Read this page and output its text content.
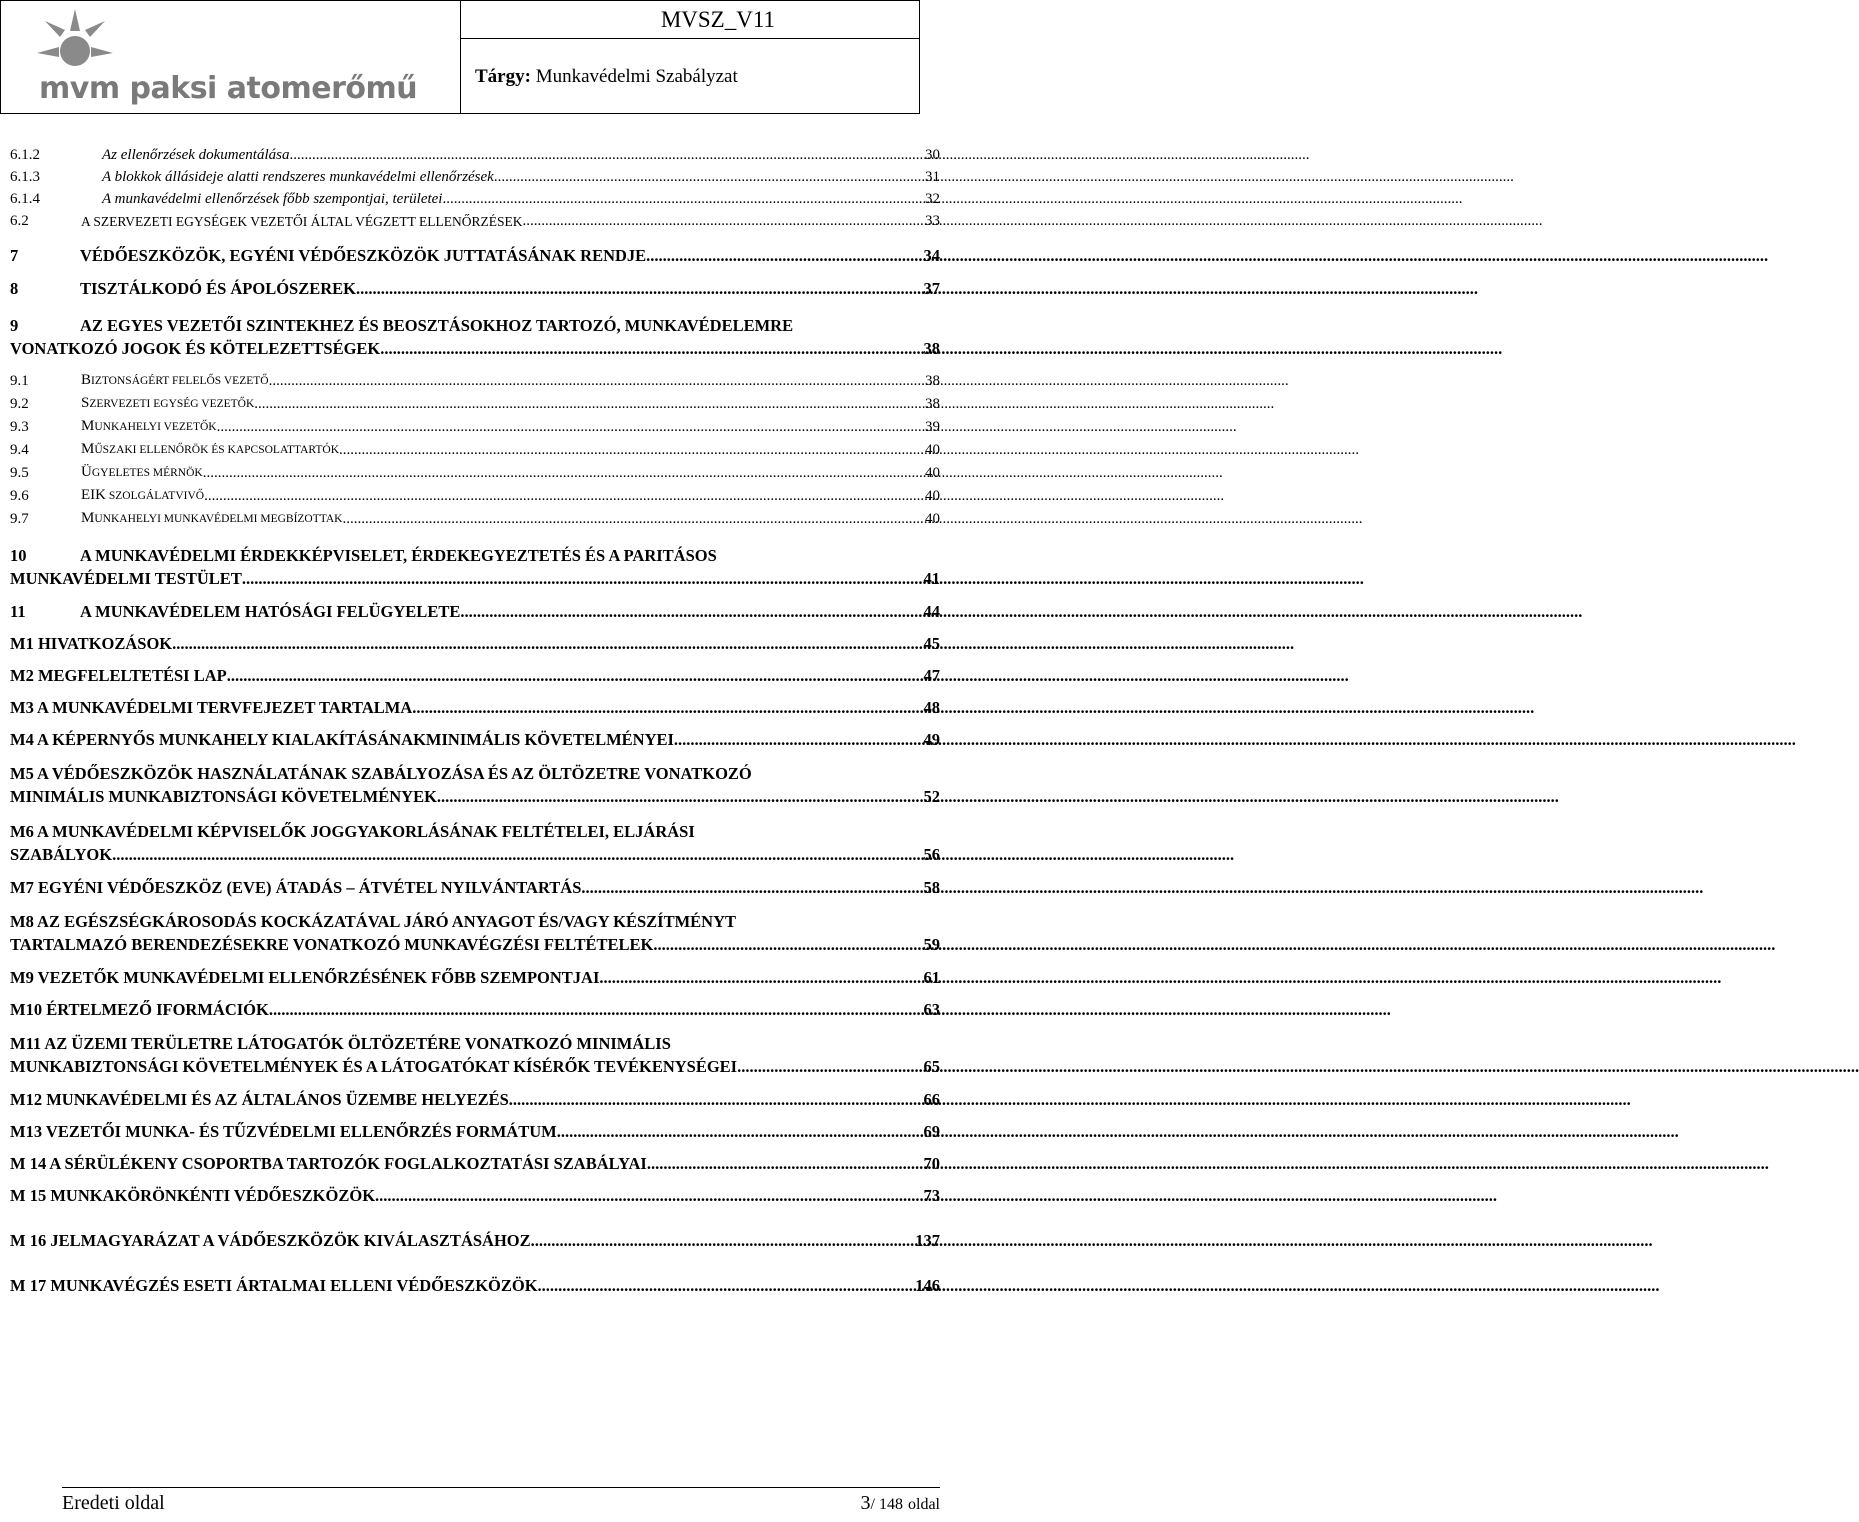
mvm paksi atomerőmű
MVSZ_V11
Tárgy: Munkavédelmi Szabályzat
6.1.2	Az ellenőrzések dokumentálása .....	30
6.1.3	A blokkok állásideje alatti rendszeres munkavédelmi ellenőrzések .....	31
6.1.4	A munkavédelmi ellenőrzések főbb szempontjai, területei .....	32
6.2	A SZERVEZETI EGYSÉGEK VEZETŐI ÁLTAL VÉGZETT ELLENŐRZÉSEK .....	33
7	VÉDŐESZKÖZÖK, EGYÉNI VÉDŐESZKÖZÖK JUTTATÁSÁNAK RENDJE .....	34
8	TISZTÁLKODÓ ÉS ÁPOLÓSZEREK .....	37
9	AZ EGYES VEZETŐI SZINTEKHEZ ÉS BEOSZTÁSOKHOZ TARTOZÓ, MUNKAVÉDELEMRE
VONATKOZÓ JOGOK ÉS KÖTELEZETTSÉGEK .....	38
9.1	BIZTONSÁGÉRT FELELŐS VEZETŐ .....	38
9.2	SZERVEZETI EGYSÉG VEZETŐK .....	38
9.3	MUNKAHELYI VEZETŐK .....	39
9.4	MŰSZAKI ELLENŐRÖK ÉS KAPCSOLATTARTÓK .....	40
9.5	ÜGYELETES MÉRNÖK .....	40
9.6	EIK SZOLGÁLATVIVŐ .....	40
9.7	MUNKAHELYI MUNKAVÉDELMI MEGBÍZOTTAK .....	40
10	A MUNKAVÉDELMI ÉRDEKKÉPVISELET, ÉRDEKEGYEZTETÉS ÉS A PARITÁSOS
MUNKAVÉDELMI TESTÜLET .....	41
11	A MUNKAVÉDELEM HATÓSÁGI FELÜGYELETE .....	44
M1 HIVATKOZÁSOK .....	45
M2 MEGFELELTETÉSI LAP .....	47
M3 A MUNKAVÉDELMI TERVFEJEZET TARTALMA .....	48
M4 A KÉPERNYŐS MUNKAHELY KIALAKÍTÁSÁNAKMINIMÁLIS KÖVETELMÉNYEI .....	49
M5 A VÉDŐESZKÖZÖK HASZNÁLATÁNAK SZABÁLYOZÁSA ÉS AZ ÖLTÖZETRE VONATKOZÓ
MINIMÁLIS MUNKABIZTONSÁGI KÖVETELMÉNYEK .....	52
M6 A MUNKAVÉDELMI KÉPVISELŐK JOGGYAKORLÁSÁNAK FELTÉTELEI, ELJÁRÁSI
SZABÁLYOK .....	56
M7 EGYÉNI VÉDŐESZKÖZ (EVE) ÁTADÁS – ÁTVÉTEL NYILVÁNTARTÁS .....	58
M8 AZ EGÉSZSÉGKÁROSODÁS KOCKÁZATÁVAL JÁRÓ ANYAGOT ÉS/VAGY KÉSZÍTMÉNYT
TARTALMAZÓ BERENDEZÉSEKRE VONATKOZÓ MUNKAVÉGZÉSI FELTÉTELEK .....	59
M9 VEZETŐK MUNKAVÉDELMI ELLENŐRZÉSÉNEK FŐBB SZEMPONTJAI .....	61
M10 ÉRTELMEZŐ IFORMÁCIÓK .....	63
M11 AZ ÜZEMI TERÜLETRE LÁTOGATÓK ÖLTÖZETÉRE VONATKOZÓ MINIMÁLIS
MUNKABIZTONSÁGI KÖVETELMÉNYEK ÉS A LÁTOGATÓKAT KÍSÉRŐK TEVÉKENYSÉGEI .....	65
M12 MUNKAVÉDELMI ÉS AZ ÁLTALÁNOS ÜZEMBE HELYEZÉS .....	66
M13 VEZETŐI MUNKA- ÉS TŰZVÉDELMI ELLENŐRZÉS FORMÁTUM .....	69
M 14 A SÉRÜLÉKENY CSOPORTBA TARTOZÓK FOGLALKOZTATÁSI SZABÁLYAI .....	70
M 15 MUNKAKÖRÖNKÉNTI VÉDŐESZKÖZÖK .....	73
M 16 JELMAGYARÁZAT A VÁDŐESZKÖZÖK KIVÁLASZTÁSÁHOZ .....	137
M 17 MUNKAVÉGZÉS ESETI ÁRTALMAI ELLENI VÉDŐESZKÖZÖK .....	146
Eredeti oldal	3/ 148 oldal
